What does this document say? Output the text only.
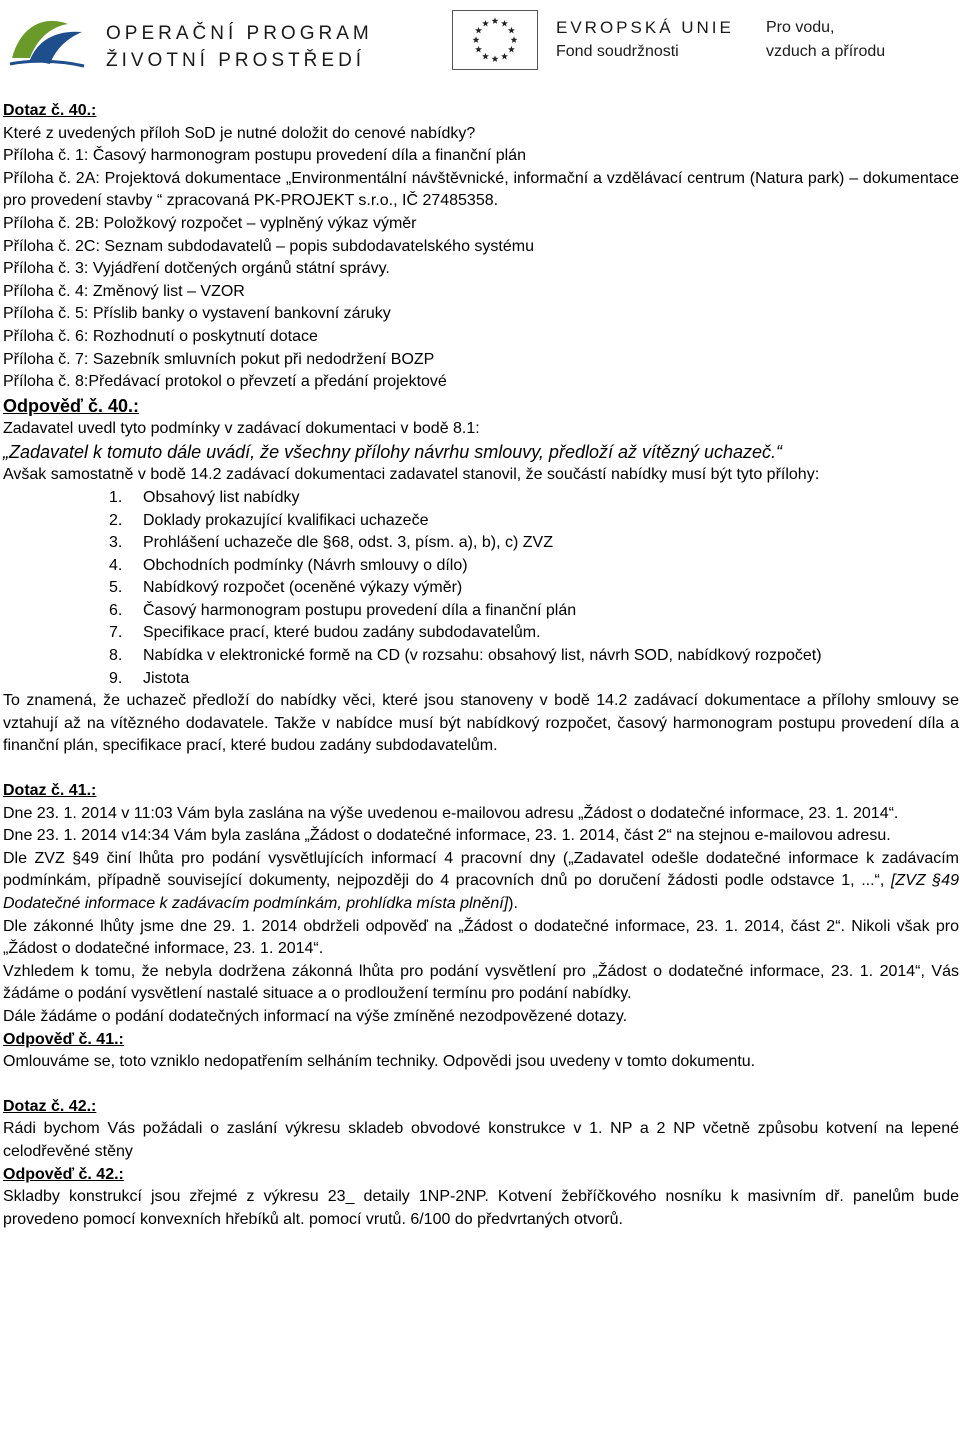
OPERAČNÍ PROGRAM
ŽIVOTNÍ PROSTŘEDÍ
EVROPSKÁ UNIE
Fond soudržnosti
Pro vodu,
vzduch a přírodu

Dotaz č. 40.:

Které z uvedených příloh SoD je nutné doložit do cenové nabídky?

Příloha č. 1: Časový harmonogram postupu provedení díla a finanční plán

Příloha č. 2A: Projektová dokumentace „Environmentální návštěvnické, informační a vzdělávací centrum (Natura park) – dokumentace pro provedení stavby “ zpracovaná PK-PROJEKT s.r.o., IČ 27485358.

Příloha č. 2B: Položkový rozpočet – vyplněný výkaz výměr

Příloha č. 2C: Seznam subdodavatelů – popis subdodavatelského systému

Příloha č. 3: Vyjádření dotčených orgánů státní správy.

Příloha č. 4: Změnový list – VZOR

Příloha č. 5: Příslib banky o vystavení bankovní záruky

Příloha č. 6: Rozhodnutí o poskytnutí dotace

Příloha č. 7: Sazebník smluvních pokut při nedodržení BOZP

Příloha č. 8:Předávací protokol o převzetí a předání projektové

Odpověď č. 40.:

Zadavatel uvedl tyto podmínky v zadávací dokumentaci v bodě 8.1:

„Zadavatel k tomuto dále uvádí, že všechny přílohy návrhu smlouvy, předloží až vítězný uchazeč.“

Avšak samostatně v bodě 14.2 zadávací dokumentaci zadavatel stanovil, že součástí nabídky musí být tyto přílohy:

1. Obsahový list nabídky
2. Doklady prokazující kvalifikaci uchazeče
3. Prohlášení uchazeče dle §68, odst. 3, písm. a), b), c) ZVZ
4. Obchodních podmínky (Návrh smlouvy o dílo)
5. Nabídkový rozpočet (oceněné výkazy výměr)
6. Časový harmonogram postupu provedení díla a finanční plán
7. Specifikace prací, které budou zadány subdodavatelům.
8. Nabídka v elektronické formě na CD (v rozsahu: obsahový list, návrh SOD, nabídkový rozpočet)
9. Jistota

To znamená, že uchazeč předloží do nabídky věci, které jsou stanoveny v bodě 14.2 zadávací dokumentace a přílohy smlouvy se vztahují až na vítězného dodavatele. Takže v nabídce musí být nabídkový rozpočet, časový harmonogram postupu provedení díla a finanční plán, specifikace prací, které budou zadány subdodavatelům.

Dotaz č. 41.:

Dne 23. 1. 2014 v 11:03 Vám byla zaslána na výše uvedenou e-mailovou adresu „Žádost o dodatečné informace, 23. 1. 2014“.

Dne 23. 1. 2014 v14:34 Vám byla zaslána „Žádost o dodatečné informace, 23. 1. 2014, část 2“ na stejnou e-mailovou adresu.

Dle ZVZ §49 činí lhůta pro podání vysvětlujících informací 4 pracovní dny („Zadavatel odešle dodatečné informace k zadávacím podmínkám, případně související dokumenty, nejpozději do 4 pracovních dnů po doručení žádosti podle odstavce 1, ...“, [ZVZ §49 Dodatečné informace k zadávacím podmínkám, prohlídka místa plnění]).

Dle zákonné lhůty jsme dne 29. 1. 2014 obdrželi odpověď na „Žádost o dodatečné informace, 23. 1. 2014, část 2“. Nikoli však pro „Žádost o dodatečné informace, 23. 1. 2014“.

Vzhledem k tomu, že nebyla dodržena zákonná lhůta pro podání vysvětlení pro „Žádost o dodatečné informace, 23. 1. 2014“, Vás žádáme o podání vysvětlení nastalé situace a o prodloužení termínu pro podání nabídky.

Dále žádáme o podání dodatečných informací na výše zmíněné nezodpovězené dotazy.

Odpověď č. 41.:

Omlouváme se, toto vzniklo nedopatřením selháním techniky. Odpovědi jsou uvedeny v tomto dokumentu.

Dotaz č. 42.:

Rádi bychom Vás požádali o zaslání výkresu skladeb obvodové konstrukce v 1. NP a 2 NP včetně způsobu kotvení na lepené celodřevěné stěny

Odpověď č. 42.:

Skladby konstrukcí jsou zřejmé z výkresu 23_ detaily 1NP-2NP. Kotvení žebříčkového nosníku k masivním dř. panelům bude provedeno pomocí konvexních hřebíků alt. pomocí vrutů. 6/100 do předvrtaných otvorů.
